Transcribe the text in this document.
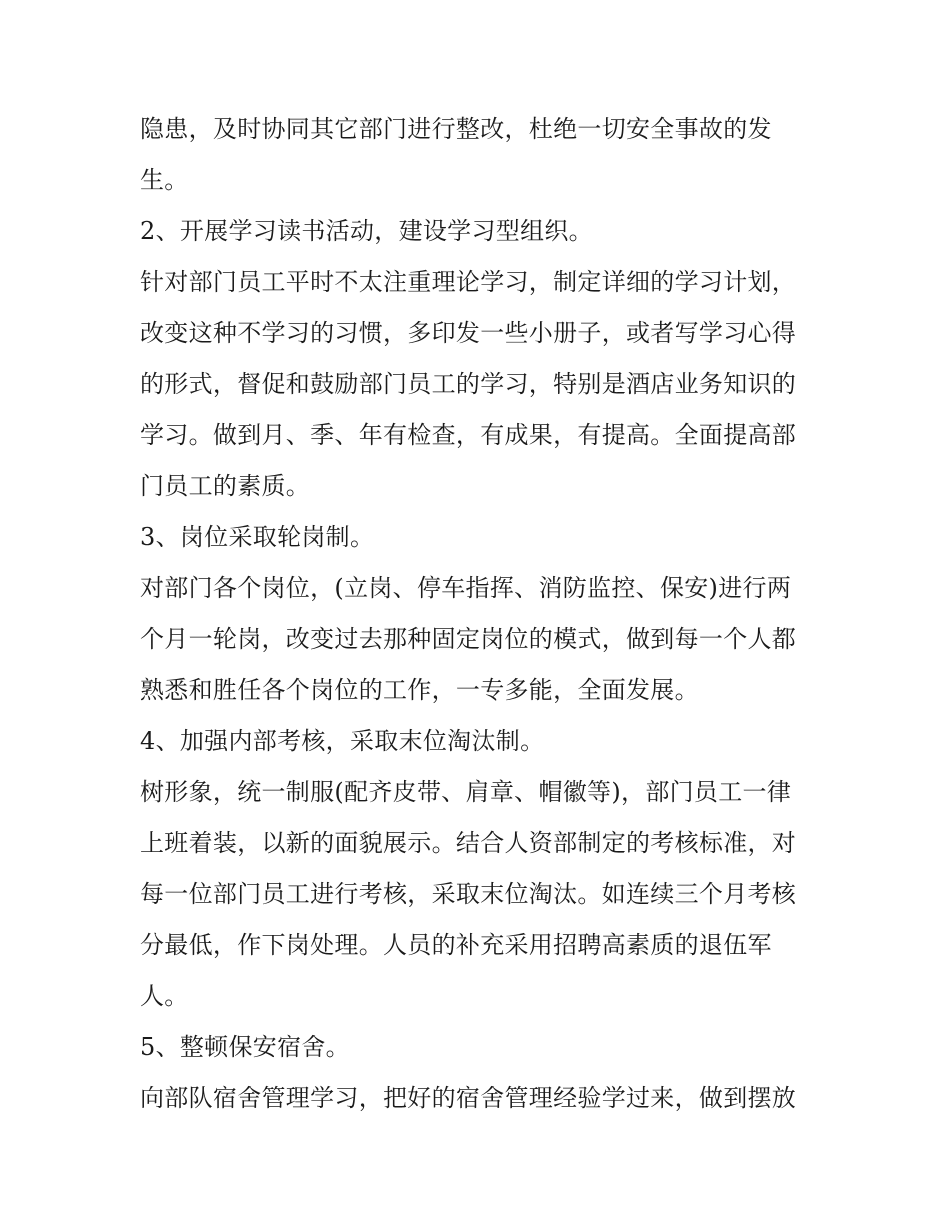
隐患，及时协同其它部门进行整改，杜绝一切安全事故的发
生。
2、开展学习读书活动，建设学习型组织。
针对部门员工平时不太注重理论学习，制定详细的学习计划，
改变这种不学习的习惯，多印发一些小册子，或者写学习心得
的形式，督促和鼓励部门员工的学习，特别是酒店业务知识的
学习。做到月、季、年有检查，有成果，有提高。全面提高部
门员工的素质。
3、岗位采取轮岗制。
对部门各个岗位，(立岗、停车指挥、消防监控、保安)进行两
个月一轮岗，改变过去那种固定岗位的模式，做到每一个人都
熟悉和胜任各个岗位的工作，一专多能，全面发展。
4、加强内部考核，采取末位淘汰制。
树形象，统一制服(配齐皮带、肩章、帽徽等)，部门员工一律
上班着装，以新的面貌展示。结合人资部制定的考核标准，对
每一位部门员工进行考核，采取末位淘汰。如连续三个月考核
分最低，作下岗处理。人员的补充采用招聘高素质的退伍军
人。
5、整顿保安宿舍。
向部队宿舍管理学习，把好的宿舍管理经验学过来，做到摆放
